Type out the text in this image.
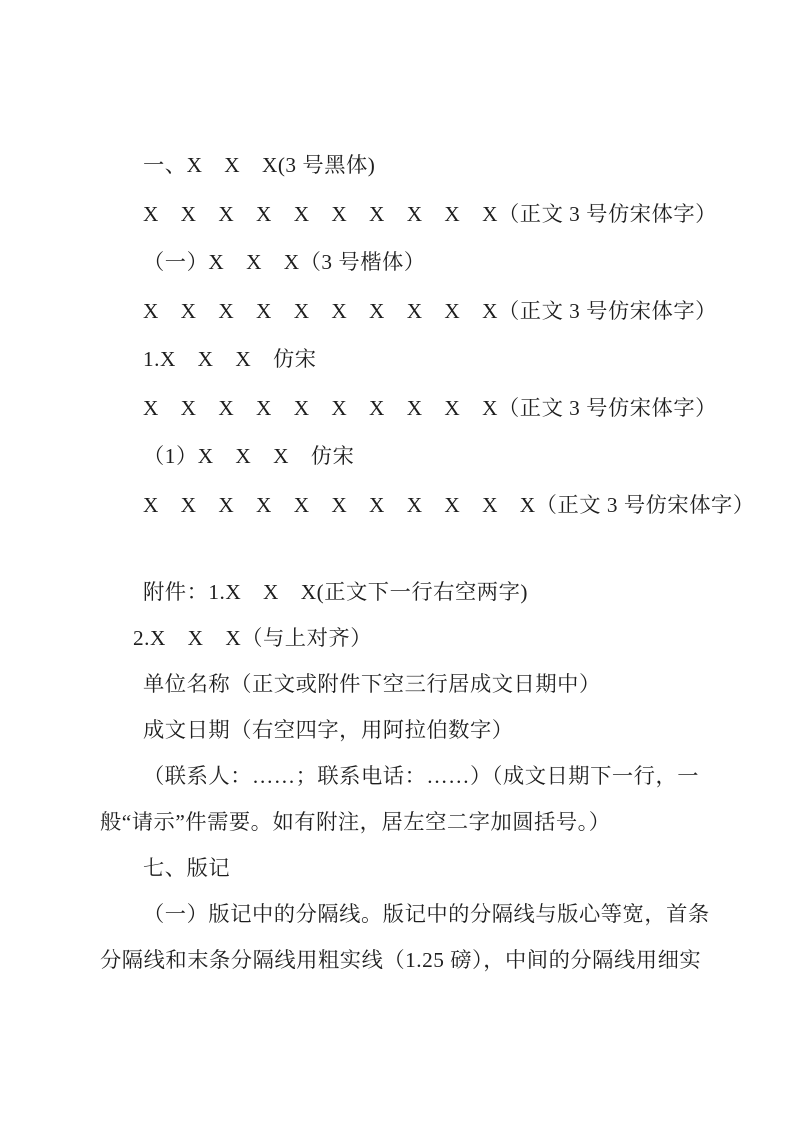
一、X　X　X(3 号黑体)

X　X　X　X　X　X　X　X　X　X（正文 3 号仿宋体字）

（一）X　X　X（3 号楷体）

X　X　X　X　X　X　X　X　X　X（正文 3 号仿宋体字）

1.X　X　X　仿宋

X　X　X　X　X　X　X　X　X　X（正文 3 号仿宋体字）

（1）X　X　X　仿宋

X　X　X　X　X　X　X　X　X　X　X（正文 3 号仿宋体字）

附件：1.X　X　X(正文下一行右空两字)

2.X　X　X（与上对齐）

单位名称（正文或附件下空三行居成文日期中）

成文日期（右空四字，用阿拉伯数字）

（联系人：……；联系电话：……）（成文日期下一行，一

般“请示”件需要。如有附注，居左空二字加圆括号。）

七、版记

（一）版记中的分隔线。版记中的分隔线与版心等宽，首条

分隔线和末条分隔线用粗实线（1.25 磅），中间的分隔线用细实
